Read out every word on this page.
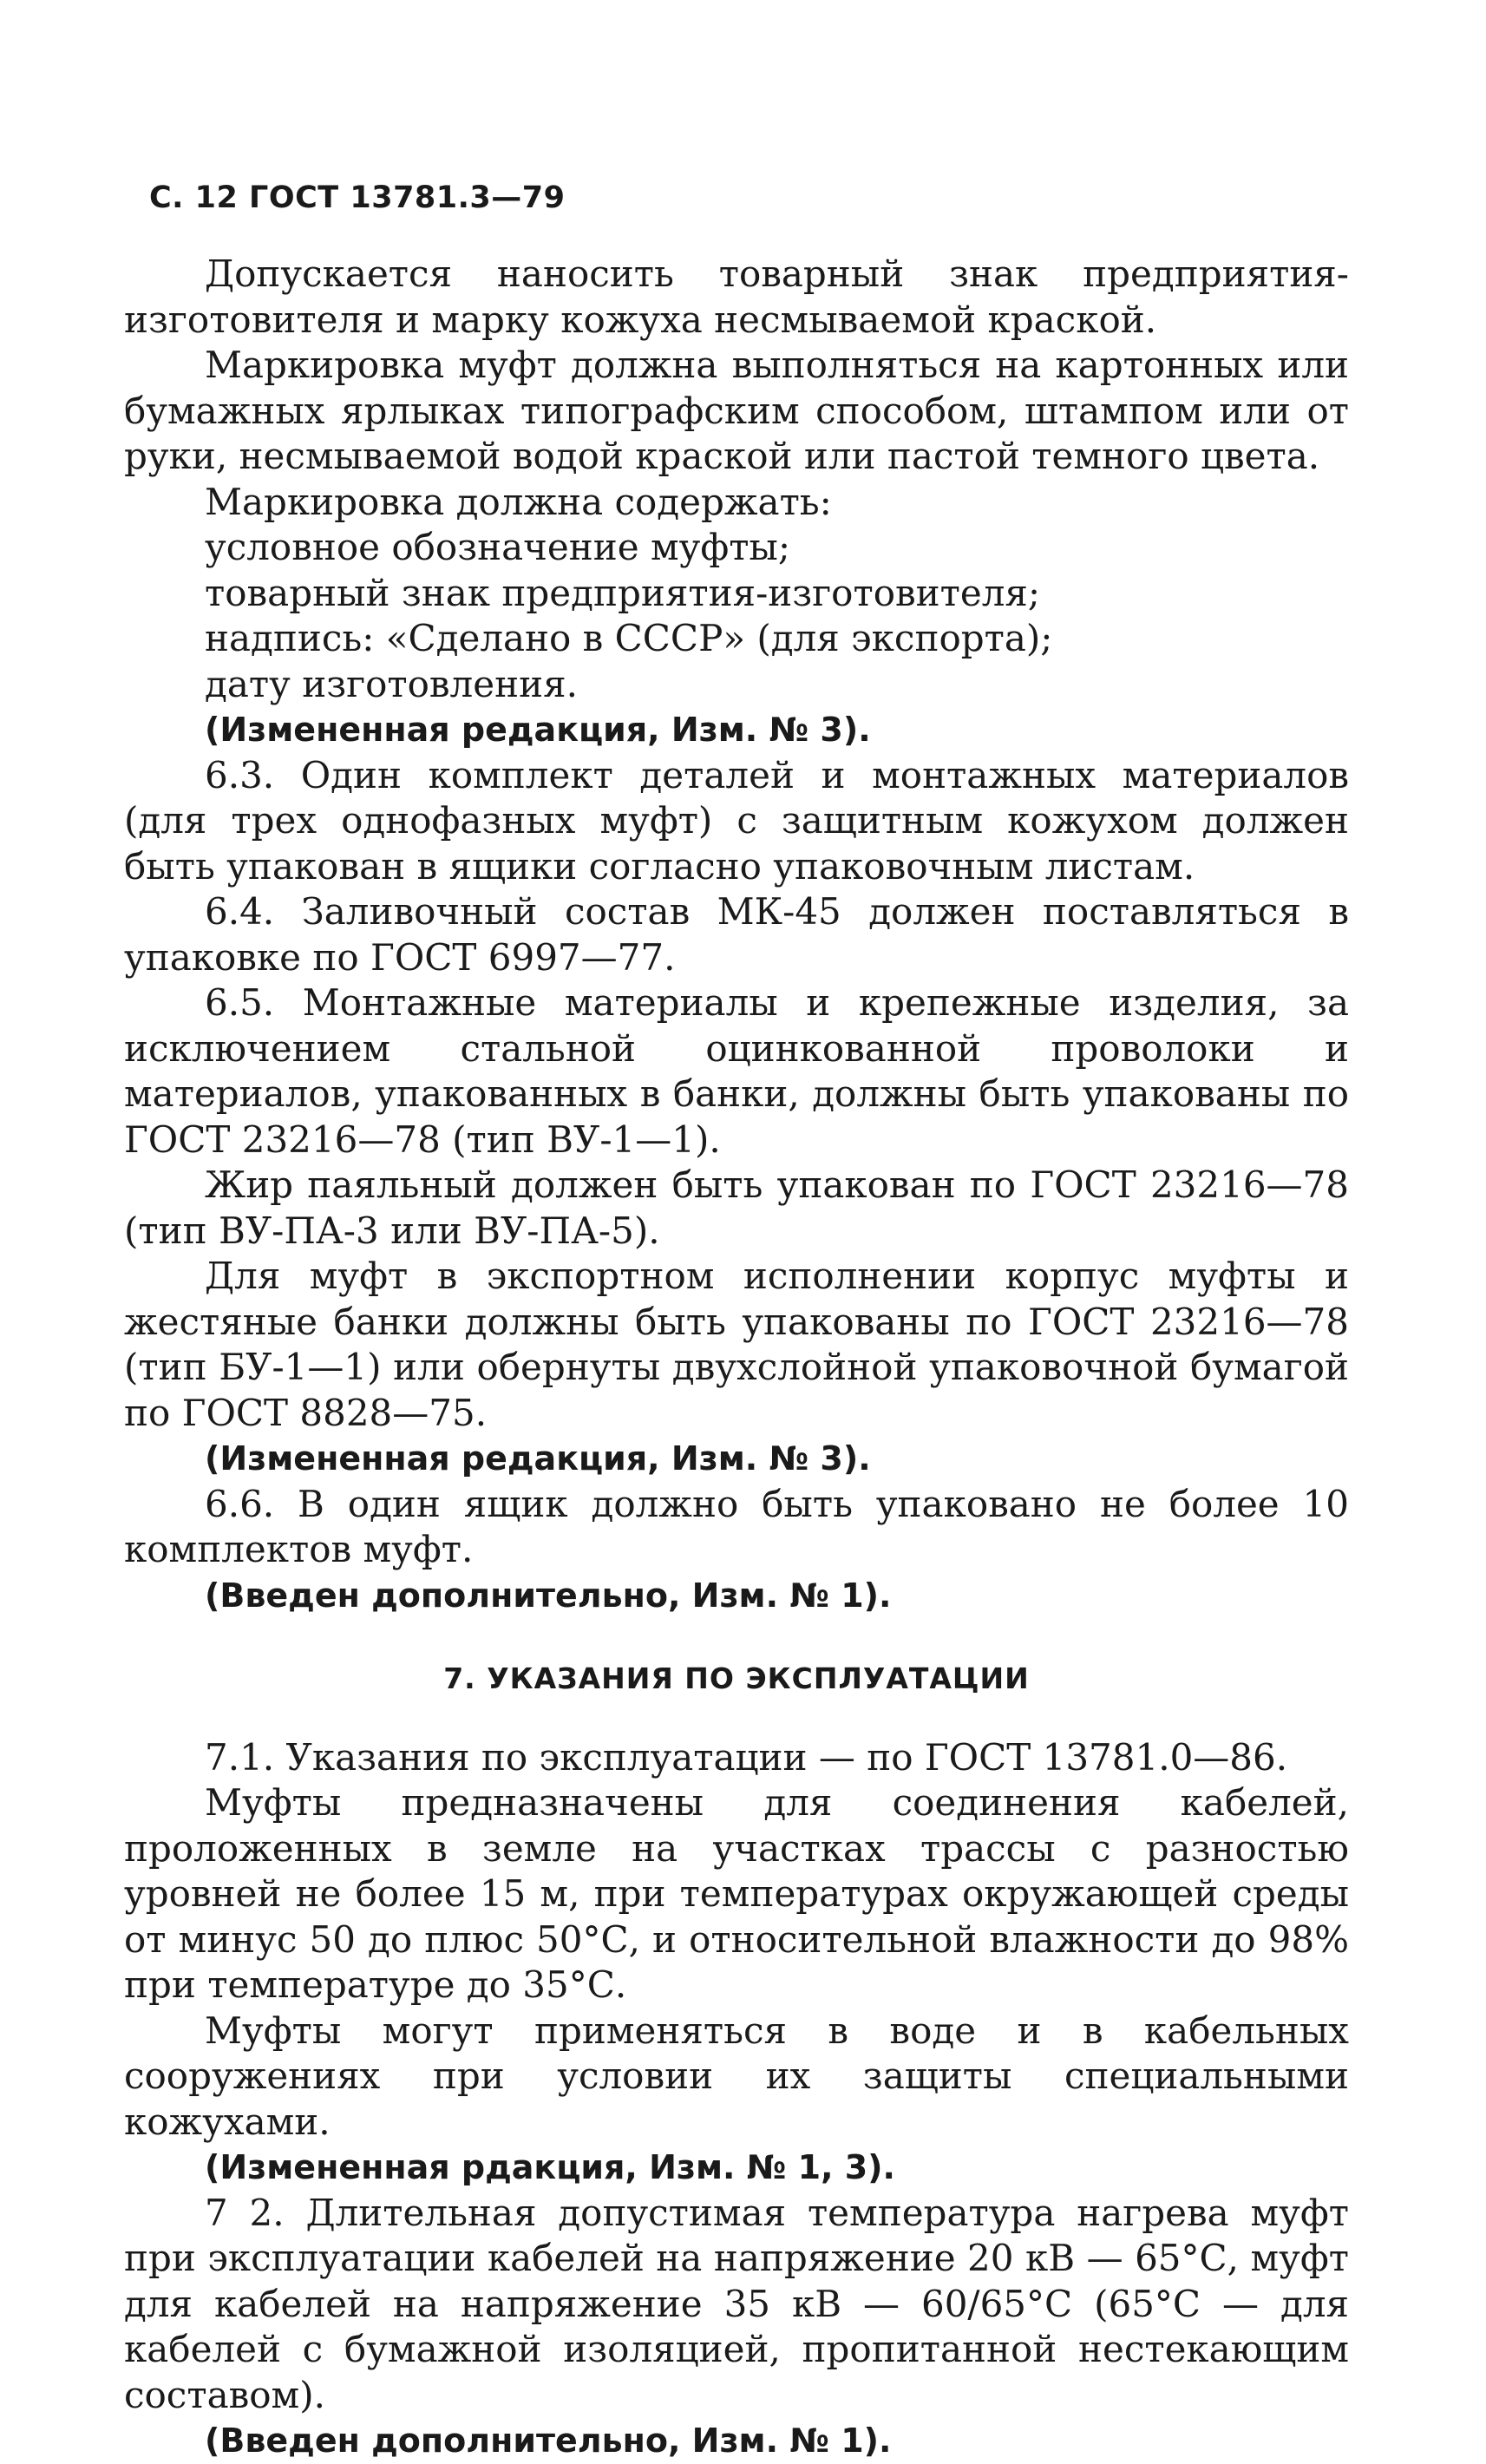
С. 12 ГОСТ 13781.3—79

Допускается наносить товарный знак предприятия-изготовителя и марку кожуха несмываемой краской.

Маркировка муфт должна выполняться на картонных или бумажных ярлыках типографским способом, штампом или от руки, несмываемой водой краской или пастой темного цвета.

Маркировка должна содержать:

условное обозначение муфты;

товарный знак предприятия-изготовителя;

надпись: «Сделано в СССР» (для экспорта);

дату изготовления.

(Измененная редакция, Изм. № 3).

6.3. Один комплект деталей и монтажных материалов (для трех однофазных муфт) с защитным кожухом должен быть упакован в ящики согласно упаковочным листам.

6.4. Заливочный состав МК-45 должен поставляться в упаковке по ГОСТ 6997—77.

6.5. Монтажные материалы и крепежные изделия, за исключением стальной оцинкованной проволоки и материалов, упакованных в банки, должны быть упакованы по ГОСТ 23216—78 (тип ВУ-1—1).

Жир паяльный должен быть упакован по ГОСТ 23216—78 (тип ВУ-ПА-3 или ВУ-ПА-5).

Для муфт в экспортном исполнении корпус муфты и жестяные банки должны быть упакованы по ГОСТ 23216—78 (тип БУ-1—1) или обернуты двухслойной упаковочной бумагой по ГОСТ 8828—75.

(Измененная редакция, Изм. № 3).

6.6. В один ящик должно быть упаковано не более 10 комплектов муфт.

(Введен дополнительно, Изм. № 1).

7. УКАЗАНИЯ ПО ЭКСПЛУАТАЦИИ

7.1. Указания по эксплуатации — по ГОСТ 13781.0—86.

Муфты предназначены для соединения кабелей, проложенных в земле на участках трассы с разностью уровней не более 15 м, при температурах окружающей среды от минус 50 до плюс 50°С, и относительной влажности до 98% при температуре до 35°С.

Муфты могут применяться в воде и в кабельных сооружениях при условии их защиты специальными кожухами.

(Измененная рдакция, Изм. № 1, 3).

7 2. Длительная допустимая температура нагрева муфт при эксплуатации кабелей на напряжение 20 кВ — 65°С, муфт для кабелей на напряжение 35 кВ — 60/65°С (65°С — для кабелей с бумажной изоляцией, пропитанной нестекающим составом).

(Введен дополнительно, Изм. № 1).
